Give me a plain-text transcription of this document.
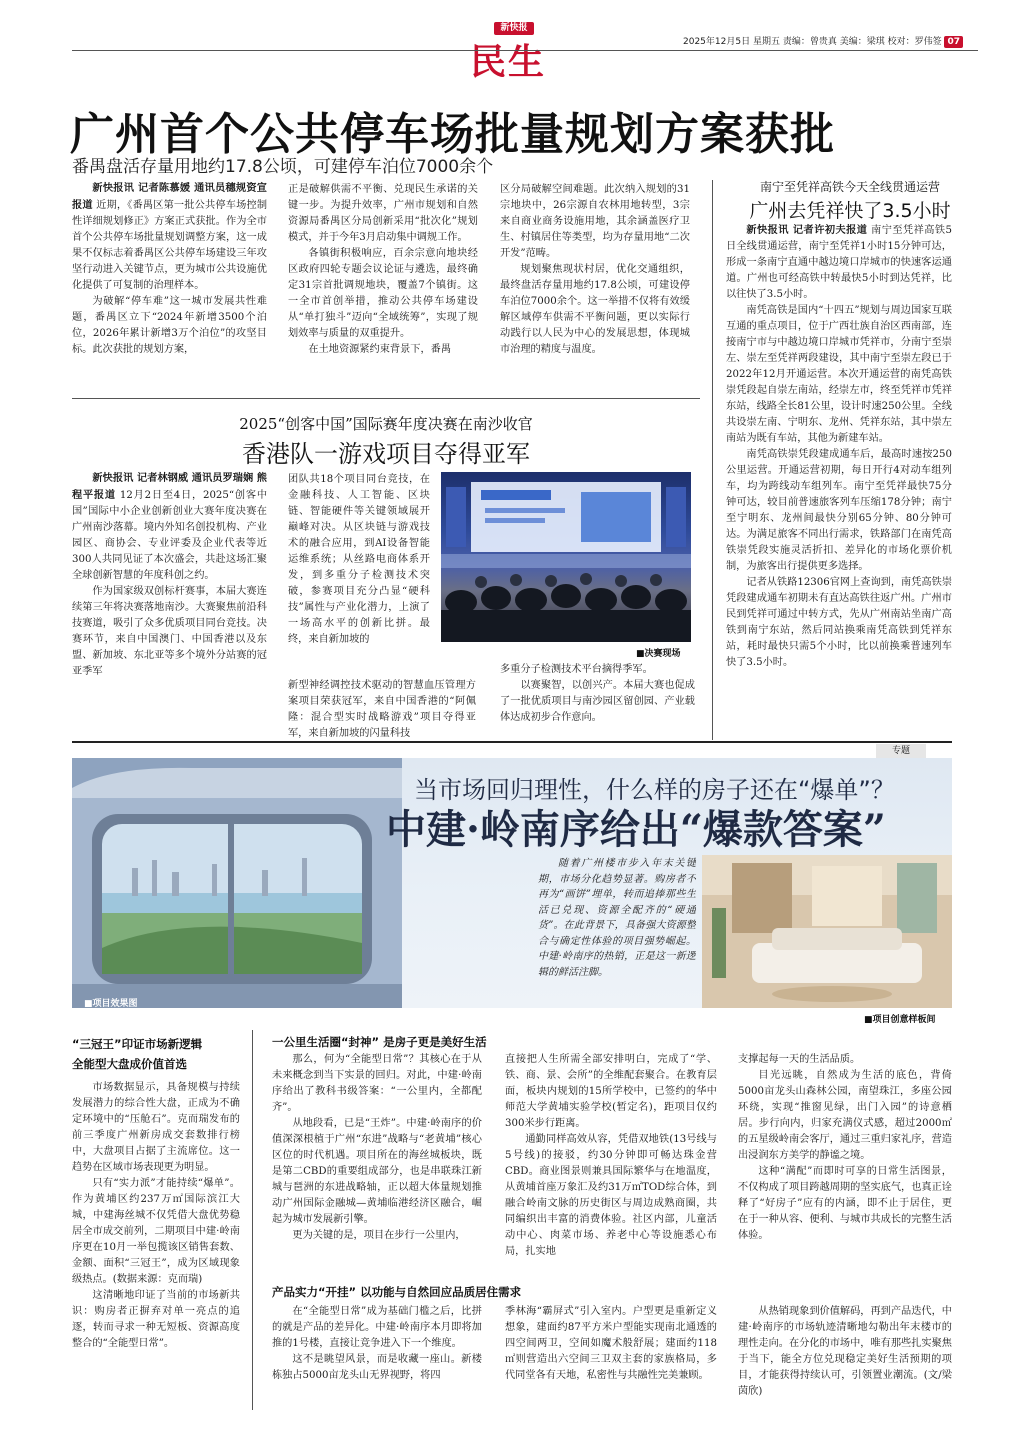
新快报
民生	2025年12月5日 星期五 责编：曾贵真 美编：梁琪 校对：罗伟签 07
广州首个公共停车场批量规划方案获批
番禺盘活存量用地约17.8公顷，可建停车泊位7000余个

新快报讯 记者陈慕媛 通讯员穗规资宣报道 近期，《番禺区第一批公共停车场控制性详细规划修正》方案正式获批。作为全市首个公共停车场批量规划调整方案，这一成果不仅标志着番禺区公共停车场建设三年攻坚行动进入关键节点，更为城市公共设施优化提供了可复制的治理样本。

为破解“停车难”这一城市发展共性难题，番禺区立下“2024年新增3500个泊位，2026年累计新增3万个泊位”的攻坚目标。此次获批的规划方案，

正是破解供需不平衡、兑现民生承诺的关键一步。为提升效率，广州市规划和自然资源局番禺区分局创新采用“批次化”规划模式，并于今年3月启动集中调规工作。

各镇街积极响应，百余宗意向地块经区政府四轮专题会议论证与遴选，最终确定31宗首批调规地块，覆盖7个镇街。这一全市首创举措，推动公共停车场建设从“单打独斗”迈向“全域统筹”，实现了规划效率与质量的双重提升。

在土地资源紧约束背景下，番禺

区分局破解空间难题。此次纳入规划的31宗地块中，26宗源自农林用地转型，3宗来自商业商务设施用地，其余涵盖医疗卫生、村镇居住等类型，均为存量用地“二次开发”范畴。

规划聚焦现状村居，优化交通组织，最终盘活存量用地约17.8公顷，可建设停车泊位7000余个。这一举措不仅将有效缓解区域停车供需不平衡问题，更以实际行动践行以人民为中心的发展思想，体现城市治理的精度与温度。

南宁至凭祥高铁今天全线贯通运营
广州去凭祥快了3.5小时

新快报讯 记者许初夫报道 南宁至凭祥高铁5日全线贯通运营，南宁至凭祥1小时15分钟可达，形成一条南宁直通中越边境口岸城市的快速客运通道。广州也可经高铁中转最快5小时到达凭祥，比以往快了3.5小时。

南凭高铁是国内“十四五”规划与周边国家互联互通的重点项目，位于广西壮族自治区西南部，连接南宁市与中越边境口岸城市凭祥市，分南宁至崇左、崇左至凭祥两段建设，其中南宁至崇左段已于2022年12月开通运营。本次开通运营的南凭高铁崇凭段起自崇左南站，经崇左市，终至凭祥市凭祥东站，线路全长81公里，设计时速250公里。全线共设崇左南、宁明东、龙州、凭祥东站，其中崇左南站为既有车站，其他为新建车站。

南凭高铁崇凭段建成通车后，最高时速按250公里运营。开通运营初期，每日开行4对动车组列车，均为跨线动车组列车。南宁至凭祥最快75分钟可达，较目前普速旅客列车压缩178分钟；南宁至宁明东、龙州间最快分别65分钟、80分钟可达。为满足旅客不同出行需求，铁路部门在南凭高铁崇凭段实施灵活折扣、差异化的市场化票价机制，为旅客出行提供更多选择。

记者从铁路12306官网上查询到，南凭高铁崇凭段建成通车初期未有直达高铁往返广州。广州市民到凭祥可通过中转方式，先从广州南站坐南广高铁到南宁东站，然后同站换乘南凭高铁到凭祥东站，耗时最快只需5个小时，比以前换乘普速列车快了3.5小时。

2025“创客中国”国际赛年度决赛在南沙收官
香港队一游戏项目夺得亚军

新快报讯 记者林钢威 通讯员罗瑞娴 熊程平报道 12月2日至4日，2025“创客中国”国际中小企业创新创业大赛年度决赛在广州南沙落幕。境内外知名创投机构、产业园区、商协会、专业评委及企业代表等近300人共同见证了本次盛会，共赴这场汇聚全球创新智慧的年度科创之约。

作为国家级双创标杆赛事，本届大赛连续第三年将决赛落地南沙。大赛聚焦前沿科技赛道，吸引了众多优质项目同台竞技。决赛环节，来自中国澳门、中国香港以及东盟、新加坡、东北亚等多个境外分站赛的冠亚季军

团队共18个项目同台竞技，在金融科技、人工智能、区块链、智能硬件等关键领域展开巅峰对决。从区块链与游戏技术的融合应用，到AI设备智能运维系统；从丝路电商体系开发，到多重分子检测技术突破，参赛项目充分凸显“硬科技”属性与产业化潜力，上演了一场高水平的创新比拼。最终，来自新加坡的

新型神经调控技术驱动的智慧血压管理方案项目荣获冠军，来自中国香港的“阿佩隆：混合型实时战略游戏”项目夺得亚军，来自新加坡的闪量科技

■决赛现场

多重分子检测技术平台摘得季军。

以赛聚智，以创兴产。本届大赛也促成了一批优质项目与南沙园区留创园、产业载体达成初步合作意向。

专题
当市场回归理性，什么样的房子还在“爆单”？
中建·岭南序给出“爆款答案”

随着广州楼市步入年末关键期，市场分化趋势显著。购房者不再为“画饼”埋单，转而追捧那些生活已兑现、资源全配齐的“硬通货”。在此背景下，具备强大资源整合与确定性体验的项目强势崛起。中建·岭南序的热销，正是这一新逻辑的鲜活注脚。

■项目效果图
■项目创意样板间
“三冠王”印证市场新逻辑
全能型大盘成价值首选

市场数据显示，具备规模与持续发展潜力的综合性大盘，正成为不确定环境中的“压舱石”。克而瑞发布的前三季度广州新房成交套数排行榜中，大盘项目占据了主流席位。这一趋势在区域市场表现更为明显。

只有“实力派”才能持续“爆单”。作为黄埔区约237万㎡国际滨江大城，中建海丝城不仅凭借大盘优势稳居全市成交前列，二期项目中建·岭南序更在10月一举包揽该区销售套数、金额、面积“三冠王”，成为区域现象级热点。(数据来源：克而瑞)

这清晰地印证了当前的市场新共识：购房者正摒弃对单一亮点的追逐，转而寻求一种无短板、资源高度整合的“全能型日常”。

一公里生活圈“封神” 是房子更是美好生活

那么，何为“全能型日常”？其核心在于从未来概念到当下实景的回归。对此，中建·岭南序给出了教科书级答案：“一公里内，全都配齐”。

从地段看，已是“王炸”。中建·岭南序的价值深深根植于广州“东进”战略与“老黄埔”核心区位的时代机遇。项目所在的海丝城板块，既是第二CBD的重要组成部分，也是串联珠江新城与琶洲的东进战略轴，正以超大体量规划推动广州国际金融城—黄埔临港经济区融合，崛起为城市发展新引擎。

更为关键的是，项目在步行一公里内，

直接把人生所需全部安排明白，完成了“学、铁、商、景、会所”的全维配套聚合。在教育层面，板块内规划的15所学校中，已签约的华中师范大学黄埔实验学校(暂定名)，距项目仅约300米步行距离。

通勤同样高效从容，凭借双地铁(13号线与5号线)的接驳，约30分钟即可畅达珠金营CBD。商业图景则兼具国际繁华与在地温度，从黄埔首座万象汇及约31万㎡TOD综合体，到融合岭南文脉的历史街区与周边成熟商圈，共同编织出丰富的消费体验。社区内部，儿童活动中心、肉菜市场、养老中心等设施悉心布局，扎实地

支撑起每一天的生活品质。

目光远眺，自然成为生活的底色，背倚5000亩龙头山森林公园，南望珠江，多座公园环绕，实现“推窗见绿，出门入园”的诗意栖居。步行向内，归家充满仪式感，超过2000㎡的五星级岭南会客厅，通过三重归家礼序，营造出浸润东方美学的静谧之境。

这种“满配”而即时可享的日常生活图景，不仅构成了项目跨越周期的坚实底气，也真正诠释了“好房子”应有的内涵，即不止于居住，更在于一种从容、便利、与城市共成长的完整生活体验。

产品实力“开挂” 以功能与自然回应品质居住需求

在“全能型日常”成为基础门槛之后，比拼的就是产品的差异化。中建·岭南序本月即将加推的1号楼，直接让竞争进入下一个维度。

这不是眺望风景，而是收藏一座山。新楼栋独占5000亩龙头山无界视野，将四

季林海“霸屏式”引入室内。户型更是重新定义想象，建面约87平方米户型能实现南北通透的四空间两卫，空间如魔术般舒展；建面约118㎡则营造出六空间三卫双主套的家族格局，多代同堂各有天地，私密性与共融性完美兼顾。

从热销现象到价值解码，再到产品迭代，中建·岭南序的市场轨迹清晰地勾勒出年末楼市的理性走向。在分化的市场中，唯有那些扎实聚焦于当下，能全方位兑现稳定美好生活预期的项目，才能获得持续认可，引领置业潮流。(文/梁茵欣)
